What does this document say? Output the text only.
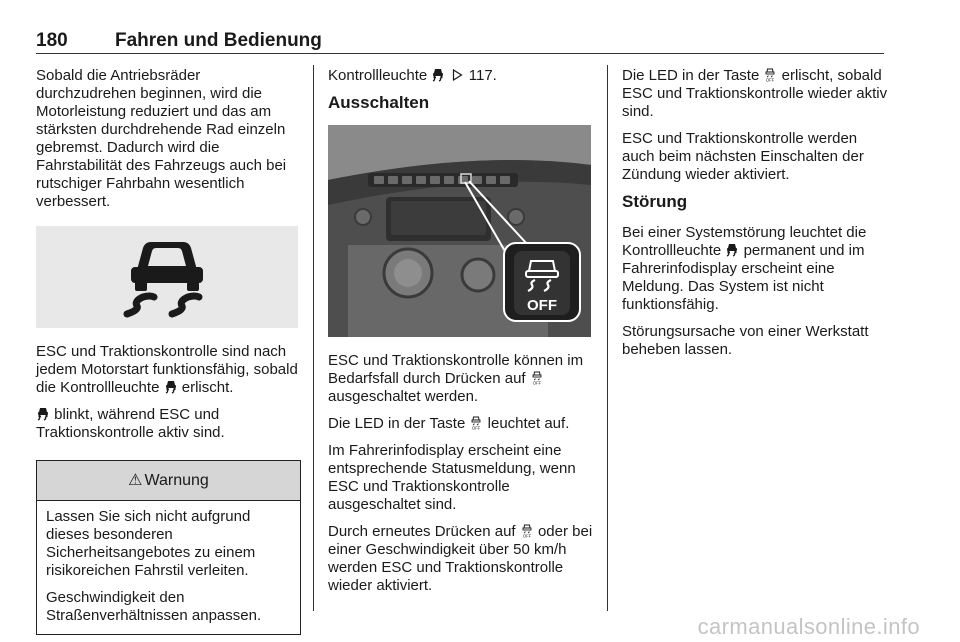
180 Fahren und Bedienung

Sobald die Antriebsräder durchzudrehen beginnen, wird die Motorleistung reduziert und das am stärksten durchdrehende Rad einzeln gebremst. Dadurch wird die Fahrstabilität des Fahrzeugs auch bei rutschiger Fahrbahn wesentlich verbessert.

ESC und Traktionskontrolle sind nach jedem Motorstart funktionsfähig, sobald die Kontrollleuchte erlischt.

blinkt, während ESC und Traktionskontrolle aktiv sind.

⚠ Warnung

Lassen Sie sich nicht aufgrund dieses besonderen Sicherheitsangebotes zu einem risikoreichen Fahrstil verleiten.

Geschwindigkeit den Straßenverhältnissen anpassen.

Kontrollleuchte
	117.

Ausschalten
OFF

ESC und Traktionskontrolle können im Bedarfsfall durch Drücken auf OFF
ausgeschaltet werden.

Die LED in der Taste OFF leuchtet auf.

Im Fahrerinfodisplay erscheint eine entsprechende Statusmeldung, wenn ESC und Traktionskontrolle ausgeschaltet sind.

Durch erneutes Drücken auf OFF oder bei einer Geschwindigkeit über 50 km/h werden ESC und Traktionskontrolle wieder aktiviert.

Die LED in der Taste OFF erlischt, sobald ESC und Traktionskontrolle wieder aktiv sind.

ESC und Traktionskontrolle werden auch beim nächsten Einschalten der Zündung wieder aktiviert.

Störung

Bei einer Systemstörung leuchtet die Kontrollleuchte permanent und im Fahrerinfodisplay erscheint eine Meldung. Das System ist nicht funktionsfähig.

Störungsursache von einer Werkstatt beheben lassen.

carmanualsonline.info
